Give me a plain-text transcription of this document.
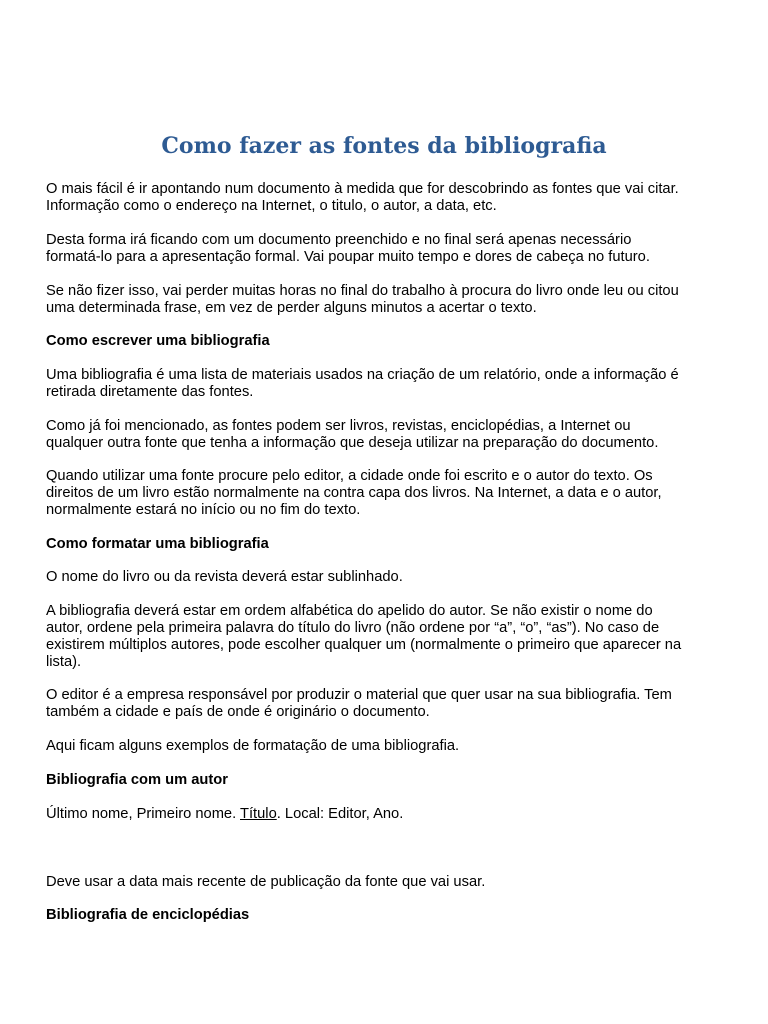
Como fazer as fontes da bibliografia

O mais fácil é ir apontando num documento à medida que for descobrindo as fontes que vai citar.
Informação como o endereço na Internet, o titulo, o autor, a data, etc.

Desta forma irá ficando com um documento preenchido e no final será apenas necessário
formatá-lo para a apresentação formal. Vai poupar muito tempo e dores de cabeça no futuro.

Se não fizer isso, vai perder muitas horas no final do trabalho à procura do livro onde leu ou citou
uma determinada frase, em vez de perder alguns minutos a acertar o texto.

Como escrever uma bibliografia

Uma bibliografia é uma lista de materiais usados na criação de um relatório, onde a informação é
retirada diretamente das fontes.

Como já foi mencionado, as fontes podem ser livros, revistas, enciclopédias, a Internet ou
qualquer outra fonte que tenha a informação que deseja utilizar na preparação do documento.

Quando utilizar uma fonte procure pelo editor, a cidade onde foi escrito e o autor do texto. Os
direitos de um livro estão normalmente na contra capa dos livros. Na Internet, a data e o autor,
normalmente estará no início ou no fim do texto.

Como formatar uma bibliografia

O nome do livro ou da revista deverá estar sublinhado.

A bibliografia deverá estar em ordem alfabética do apelido do autor. Se não existir o nome do
autor, ordene pela primeira palavra do título do livro (não ordene por “a”, “o”, “as”). No caso de
existirem múltiplos autores, pode escolher qualquer um (normalmente o primeiro que aparecer na
lista).

O editor é a empresa responsável por produzir o material que quer usar na sua bibliografia. Tem
também a cidade e país de onde é originário o documento.

Aqui ficam alguns exemplos de formatação de uma bibliografia.

Bibliografia com um autor

Último nome, Primeiro nome. Título. Local: Editor, Ano.

Deve usar a data mais recente de publicação da fonte que vai usar.

Bibliografia de enciclopédias
